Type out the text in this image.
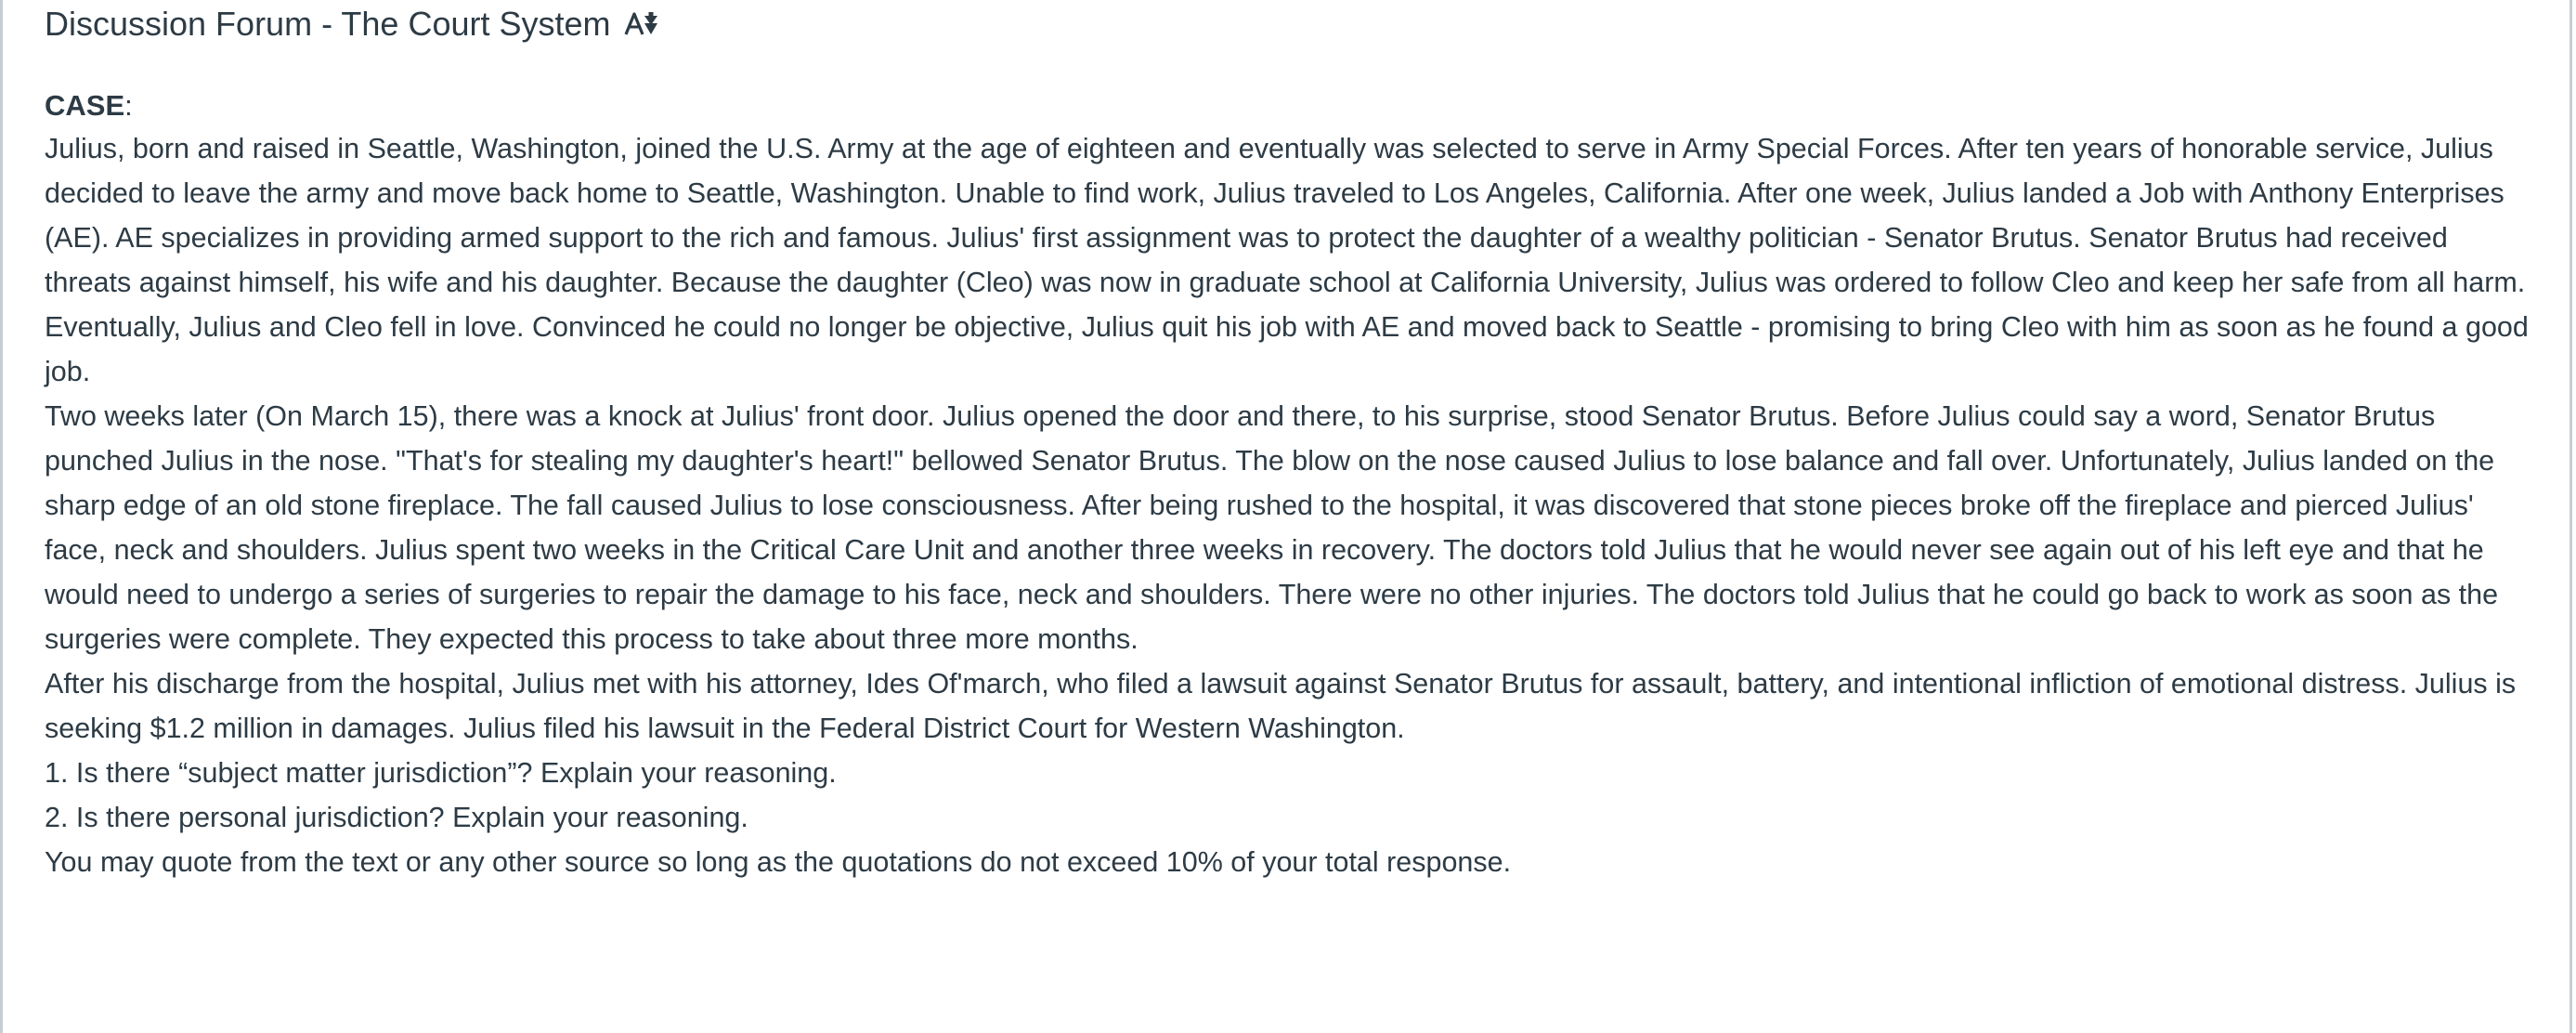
Discussion Forum - The Court System
CASE:

Julius, born and raised in Seattle, Washington, joined the U.S. Army at the age of eighteen and eventually was selected to serve in Army Special Forces. After ten years of honorable service, Julius decided to leave the army and move back home to Seattle, Washington. Unable to find work, Julius traveled to Los Angeles, California. After one week, Julius landed a Job with Anthony Enterprises (AE). AE specializes in providing armed support to the rich and famous. Julius' first assignment was to protect the daughter of a wealthy politician - Senator Brutus. Senator Brutus had received threats against himself, his wife and his daughter. Because the daughter (Cleo) was now in graduate school at California University, Julius was ordered to follow Cleo and keep her safe from all harm. Eventually, Julius and Cleo fell in love. Convinced he could no longer be objective, Julius quit his job with AE and moved back to Seattle - promising to bring Cleo with him as soon as he found a good job.

Two weeks later (On March 15), there was a knock at Julius' front door. Julius opened the door and there, to his surprise, stood Senator Brutus. Before Julius could say a word, Senator Brutus punched Julius in the nose. "That's for stealing my daughter's heart!" bellowed Senator Brutus. The blow on the nose caused Julius to lose balance and fall over. Unfortunately, Julius landed on the sharp edge of an old stone fireplace. The fall caused Julius to lose consciousness. After being rushed to the hospital, it was discovered that stone pieces broke off the fireplace and pierced Julius' face, neck and shoulders. Julius spent two weeks in the Critical Care Unit and another three weeks in recovery. The doctors told Julius that he would never see again out of his left eye and that he would need to undergo a series of surgeries to repair the damage to his face, neck and shoulders. There were no other injuries. The doctors told Julius that he could go back to work as soon as the surgeries were complete. They expected this process to take about three more months.

After his discharge from the hospital, Julius met with his attorney, Ides Of'march, who filed a lawsuit against Senator Brutus for assault, battery, and intentional infliction of emotional distress. Julius is seeking $1.2 million in damages. Julius filed his lawsuit in the Federal District Court for Western Washington.

1. Is there “subject matter jurisdiction”? Explain your reasoning.

2. Is there personal jurisdiction? Explain your reasoning.

You may quote from the text or any other source so long as the quotations do not exceed 10% of your total response.
